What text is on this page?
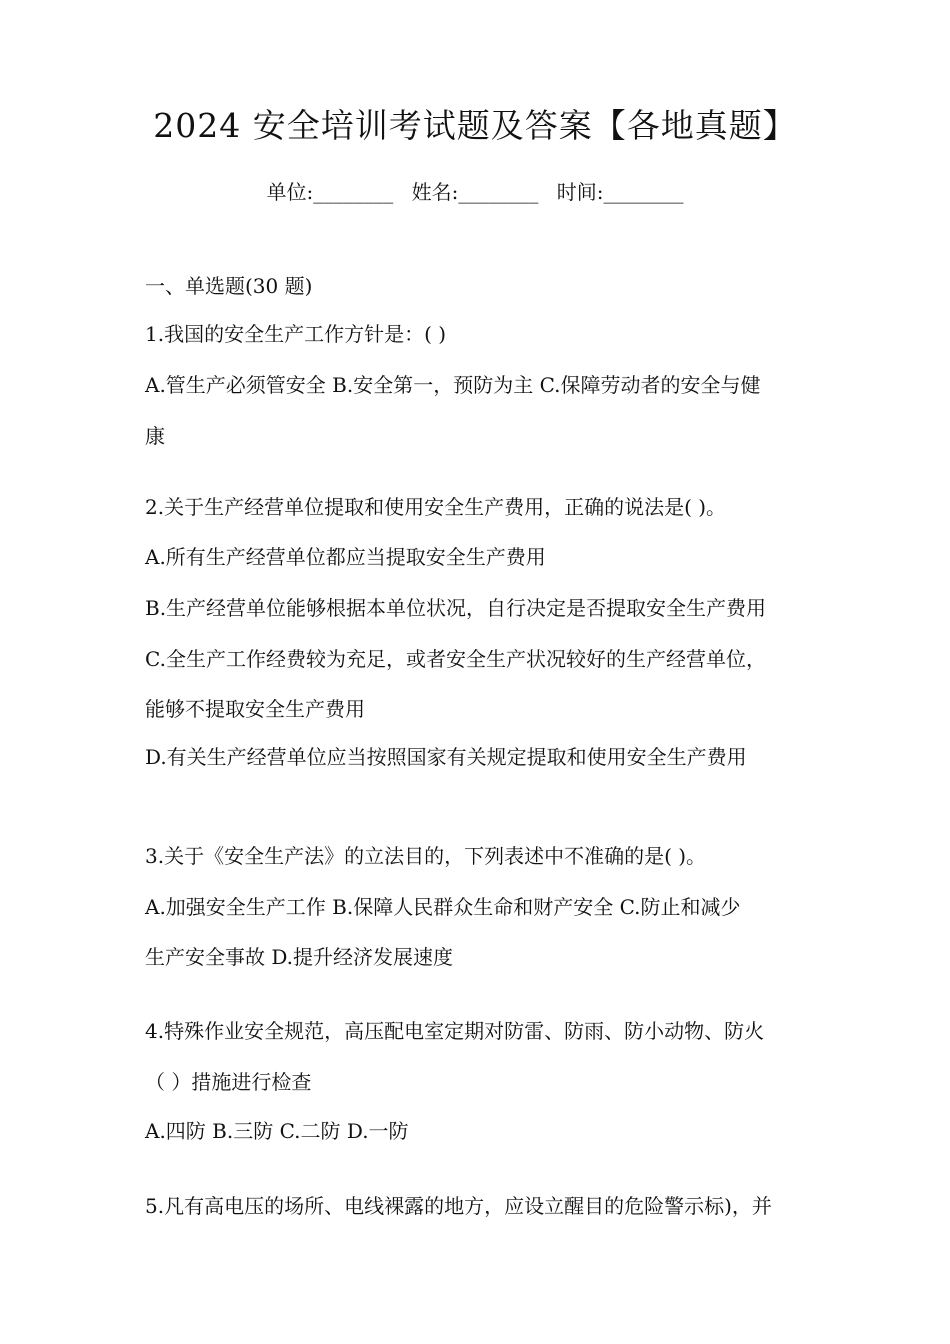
2024 安全培训考试题及答案【各地真题】
单位:________ 姓名:________ 时间:________
一、单选题(30 题)
1.我国的安全生产工作方针是：( )
A.管生产必须管安全 B.安全第一，预防为主 C.保障劳动者的安全与健
康
2.关于生产经营单位提取和使用安全生产费用，正确的说法是( )。
A.所有生产经营单位都应当提取安全生产费用
B.生产经营单位能够根据本单位状况，自行决定是否提取安全生产费用
C.全生产工作经费较为充足，或者安全生产状况较好的生产经营单位，
能够不提取安全生产费用
D.有关生产经营单位应当按照国家有关规定提取和使用安全生产费用
3.关于《安全生产法》的立法目的，下列表述中不准确的是( )。
A.加强安全生产工作 B.保障人民群众生命和财产安全 C.防止和减少
生产安全事故 D.提升经济发展速度
4.特殊作业安全规范，高压配电室定期对防雷、防雨、防小动物、防火
（ ）措施进行检查
A.四防 B.三防 C.二防 D.一防
5.凡有高电压的场所、电线裸露的地方，应设立醒目的危险警示标)，并
